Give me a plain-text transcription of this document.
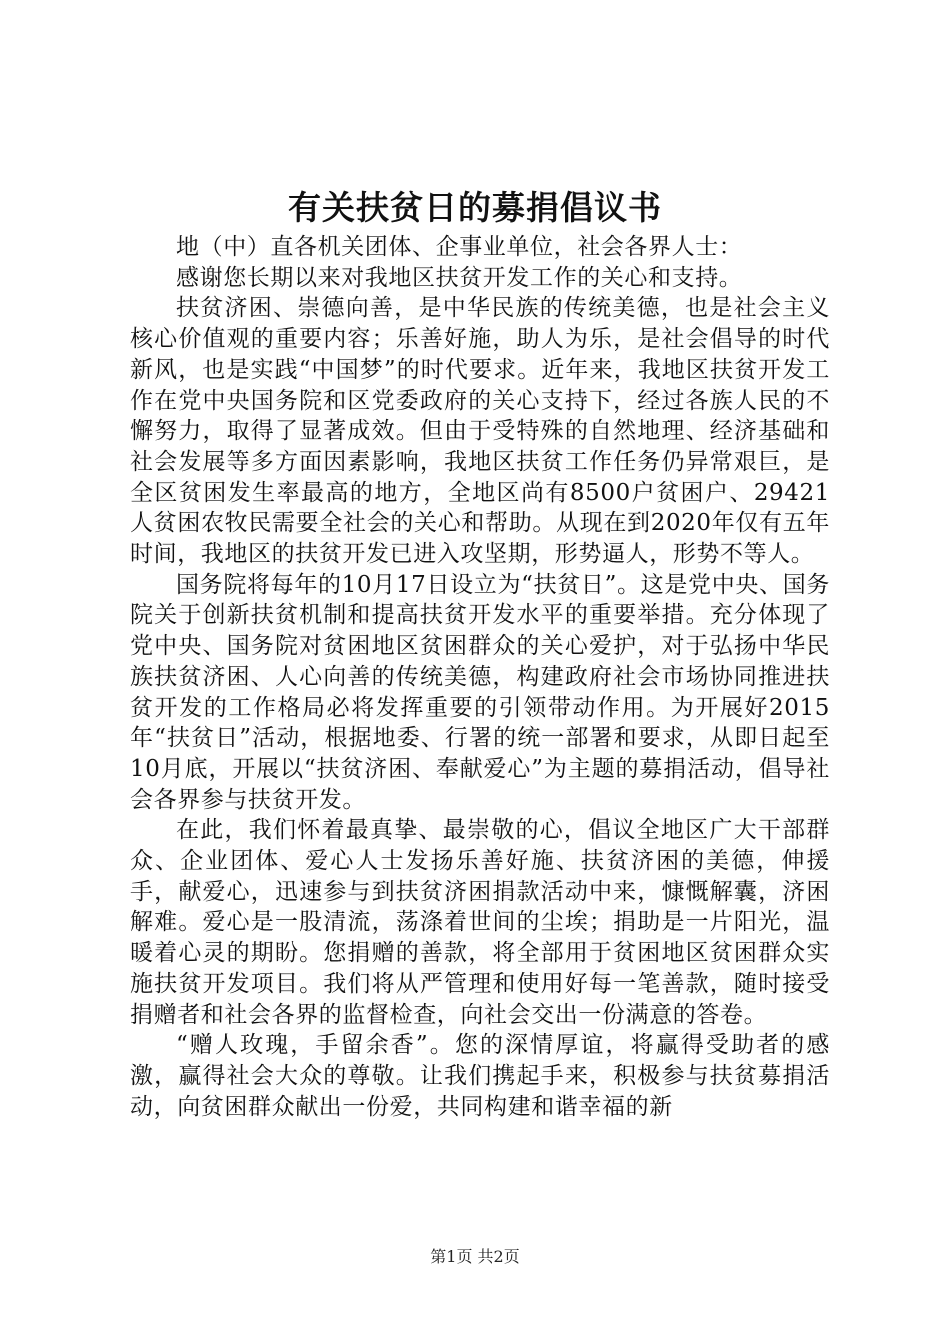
有关扶贫日的募捐倡议书

地（中）直各机关团体、企事业单位，社会各界人士：

感谢您长期以来对我地区扶贫开发工作的关心和支持。

扶贫济困、崇德向善，是中华民族的传统美德，也是社会主义核心价值观的重要内容；乐善好施，助人为乐，是社会倡导的时代新风，也是实践“中国梦”的时代要求。近年来，我地区扶贫开发工作在党中央国务院和区党委政府的关心支持下，经过各族人民的不懈努力，取得了显著成效。但由于受特殊的自然地理、经济基础和社会发展等多方面因素影响，我地区扶贫工作任务仍异常艰巨，是全区贫困发生率最高的地方，全地区尚有8500户贫困户、29421人贫困农牧民需要全社会的关心和帮助。从现在到2020年仅有五年时间，我地区的扶贫开发已进入攻坚期，形势逼人，形势不等人。

国务院将每年的10月17日设立为“扶贫日”。这是党中央、国务院关于创新扶贫机制和提高扶贫开发水平的重要举措。充分体现了党中央、国务院对贫困地区贫困群众的关心爱护，对于弘扬中华民族扶贫济困、人心向善的传统美德，构建政府社会市场协同推进扶贫开发的工作格局必将发挥重要的引领带动作用。为开展好2015年“扶贫日”活动，根据地委、行署的统一部署和要求，从即日起至10月底，开展以“扶贫济困、奉献爱心”为主题的募捐活动，倡导社会各界参与扶贫开发。

在此，我们怀着最真挚、最崇敬的心，倡议全地区广大干部群众、企业团体、爱心人士发扬乐善好施、扶贫济困的美德，伸援手，献爱心，迅速参与到扶贫济困捐款活动中来，慷慨解囊，济困解难。爱心是一股清流，荡涤着世间的尘埃；捐助是一片阳光，温暖着心灵的期盼。您捐赠的善款，将全部用于贫困地区贫困群众实施扶贫开发项目。我们将从严管理和使用好每一笔善款，随时接受捐赠者和社会各界的监督检查，向社会交出一份满意的答卷。

“赠人玫瑰，手留余香”。您的深情厚谊，将赢得受助者的感激，赢得社会大众的尊敬。让我们携起手来，积极参与扶贫募捐活动，向贫困群众献出一份爱，共同构建和谐幸福的新

第1页 共2页
